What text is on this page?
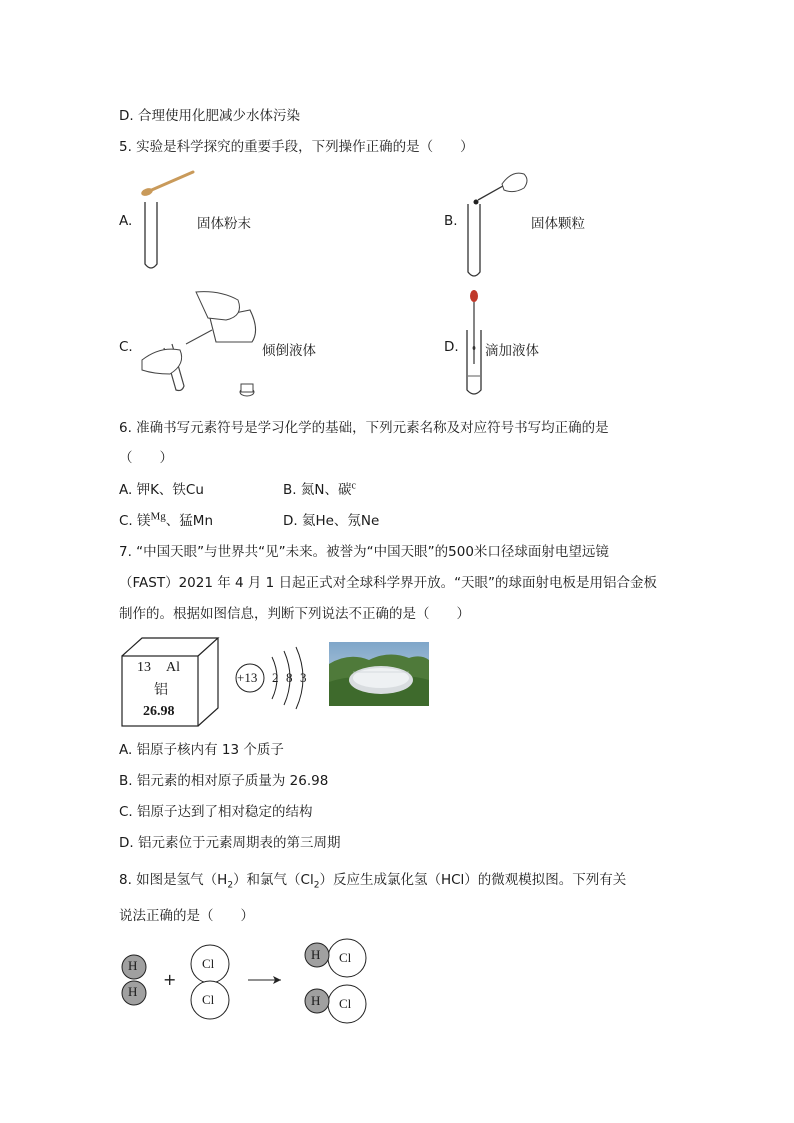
D. 合理使用化肥减少水体污染
5. 实验是科学探究的重要手段，下列操作正确的是（　　）
A.	固体粉末	B.	固体颗粒
C.	倾倒液体	D. 滴加液体
6. 准确书写元素符号是学习化学的基础，下列元素名称及对应符号书写均正确的是
（　　）
A. 钾K、铁Cu	B. 氮N、碳$^c$
C. 镁$^{Mg}$、猛Mn	D. 氦He、氖Ne
7. “中国天眼”与世界共“见”未来。被誉为“中国天眼”的500米口径球面射电望远镜
（FAST）2021 年 4 月 1 日起正式对全球科学界开放。“天眼”的球面射电板是用铝合金板
制作的。根据如图信息，判断下列说法不正确的是（　　）
13 Al
铝
26.98
+13 2 8 3
A. 铝原子核内有 13 个质子
B. 铝元素的相对原子质量为 26.98
C. 铝原子达到了相对稳定的结构
D. 铝元素位于元素周期表的第三周期
8. 如图是氢气$(H_2)$和氯气$(Cl_2)$反应生成氯化氢（HCl）的微观模拟图。下列有关
说法正确的是（　　）
H
H
+
Cl
Cl
H Cl
H Cl
